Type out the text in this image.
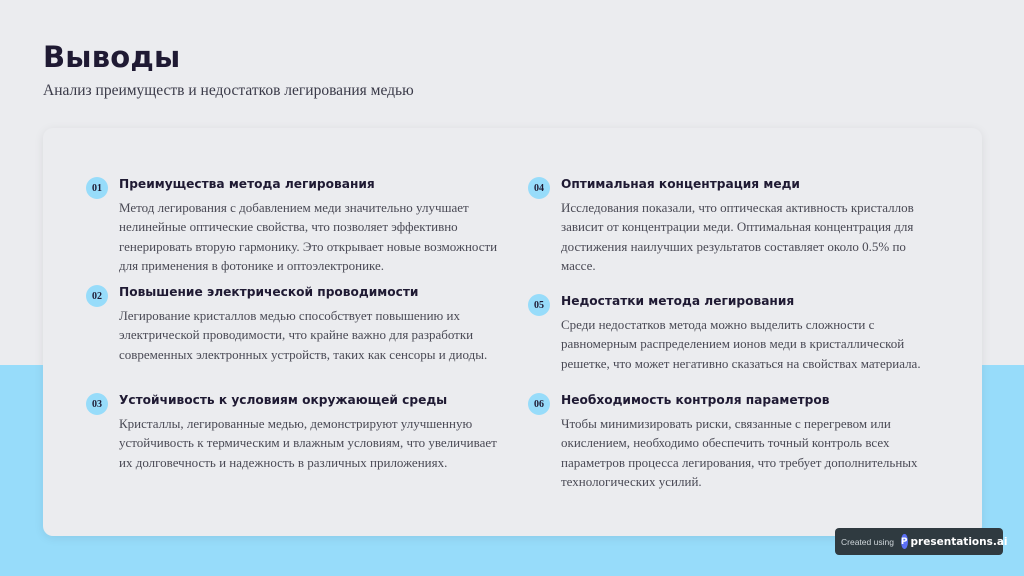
Выводы
Анализ преимуществ и недостатков легирования медью
01	Преимущества метода легирования
Метод легирования с добавлением меди значительно улучшает нелинейные оптические свойства, что позволяет эффективно генерировать вторую гармонику. Это открывает новые возможности для применения в фотонике и оптоэлектронике.
02	Повышение электрической проводимости
Легирование кристаллов медью способствует повышению их электрической проводимости, что крайне важно для разработки современных электронных устройств, таких как сенсоры и диоды.
03	Устойчивость к условиям окружающей среды
Кристаллы, легированные медью, демонстрируют улучшенную устойчивость к термическим и влажным условиям, что увеличивает их долговечность и надежность в различных приложениях.
04	Оптимальная концентрация меди
Исследования показали, что оптическая активность кристаллов зависит от концентрации меди. Оптимальная концентрация для достижения наилучших результатов составляет около 0.5% по массе.
05	Недостатки метода легирования
Среди недостатков метода можно выделить сложности с равномерным распределением ионов меди в кристаллической решетке, что может негативно сказаться на свойствах материала.
06	Необходимость контроля параметров
Чтобы минимизировать риски, связанные с перегревом или окислением, необходимо обеспечить точный контроль всех параметров процесса легирования, что требует дополнительных технологических усилий.
Created using P presentations.ai
